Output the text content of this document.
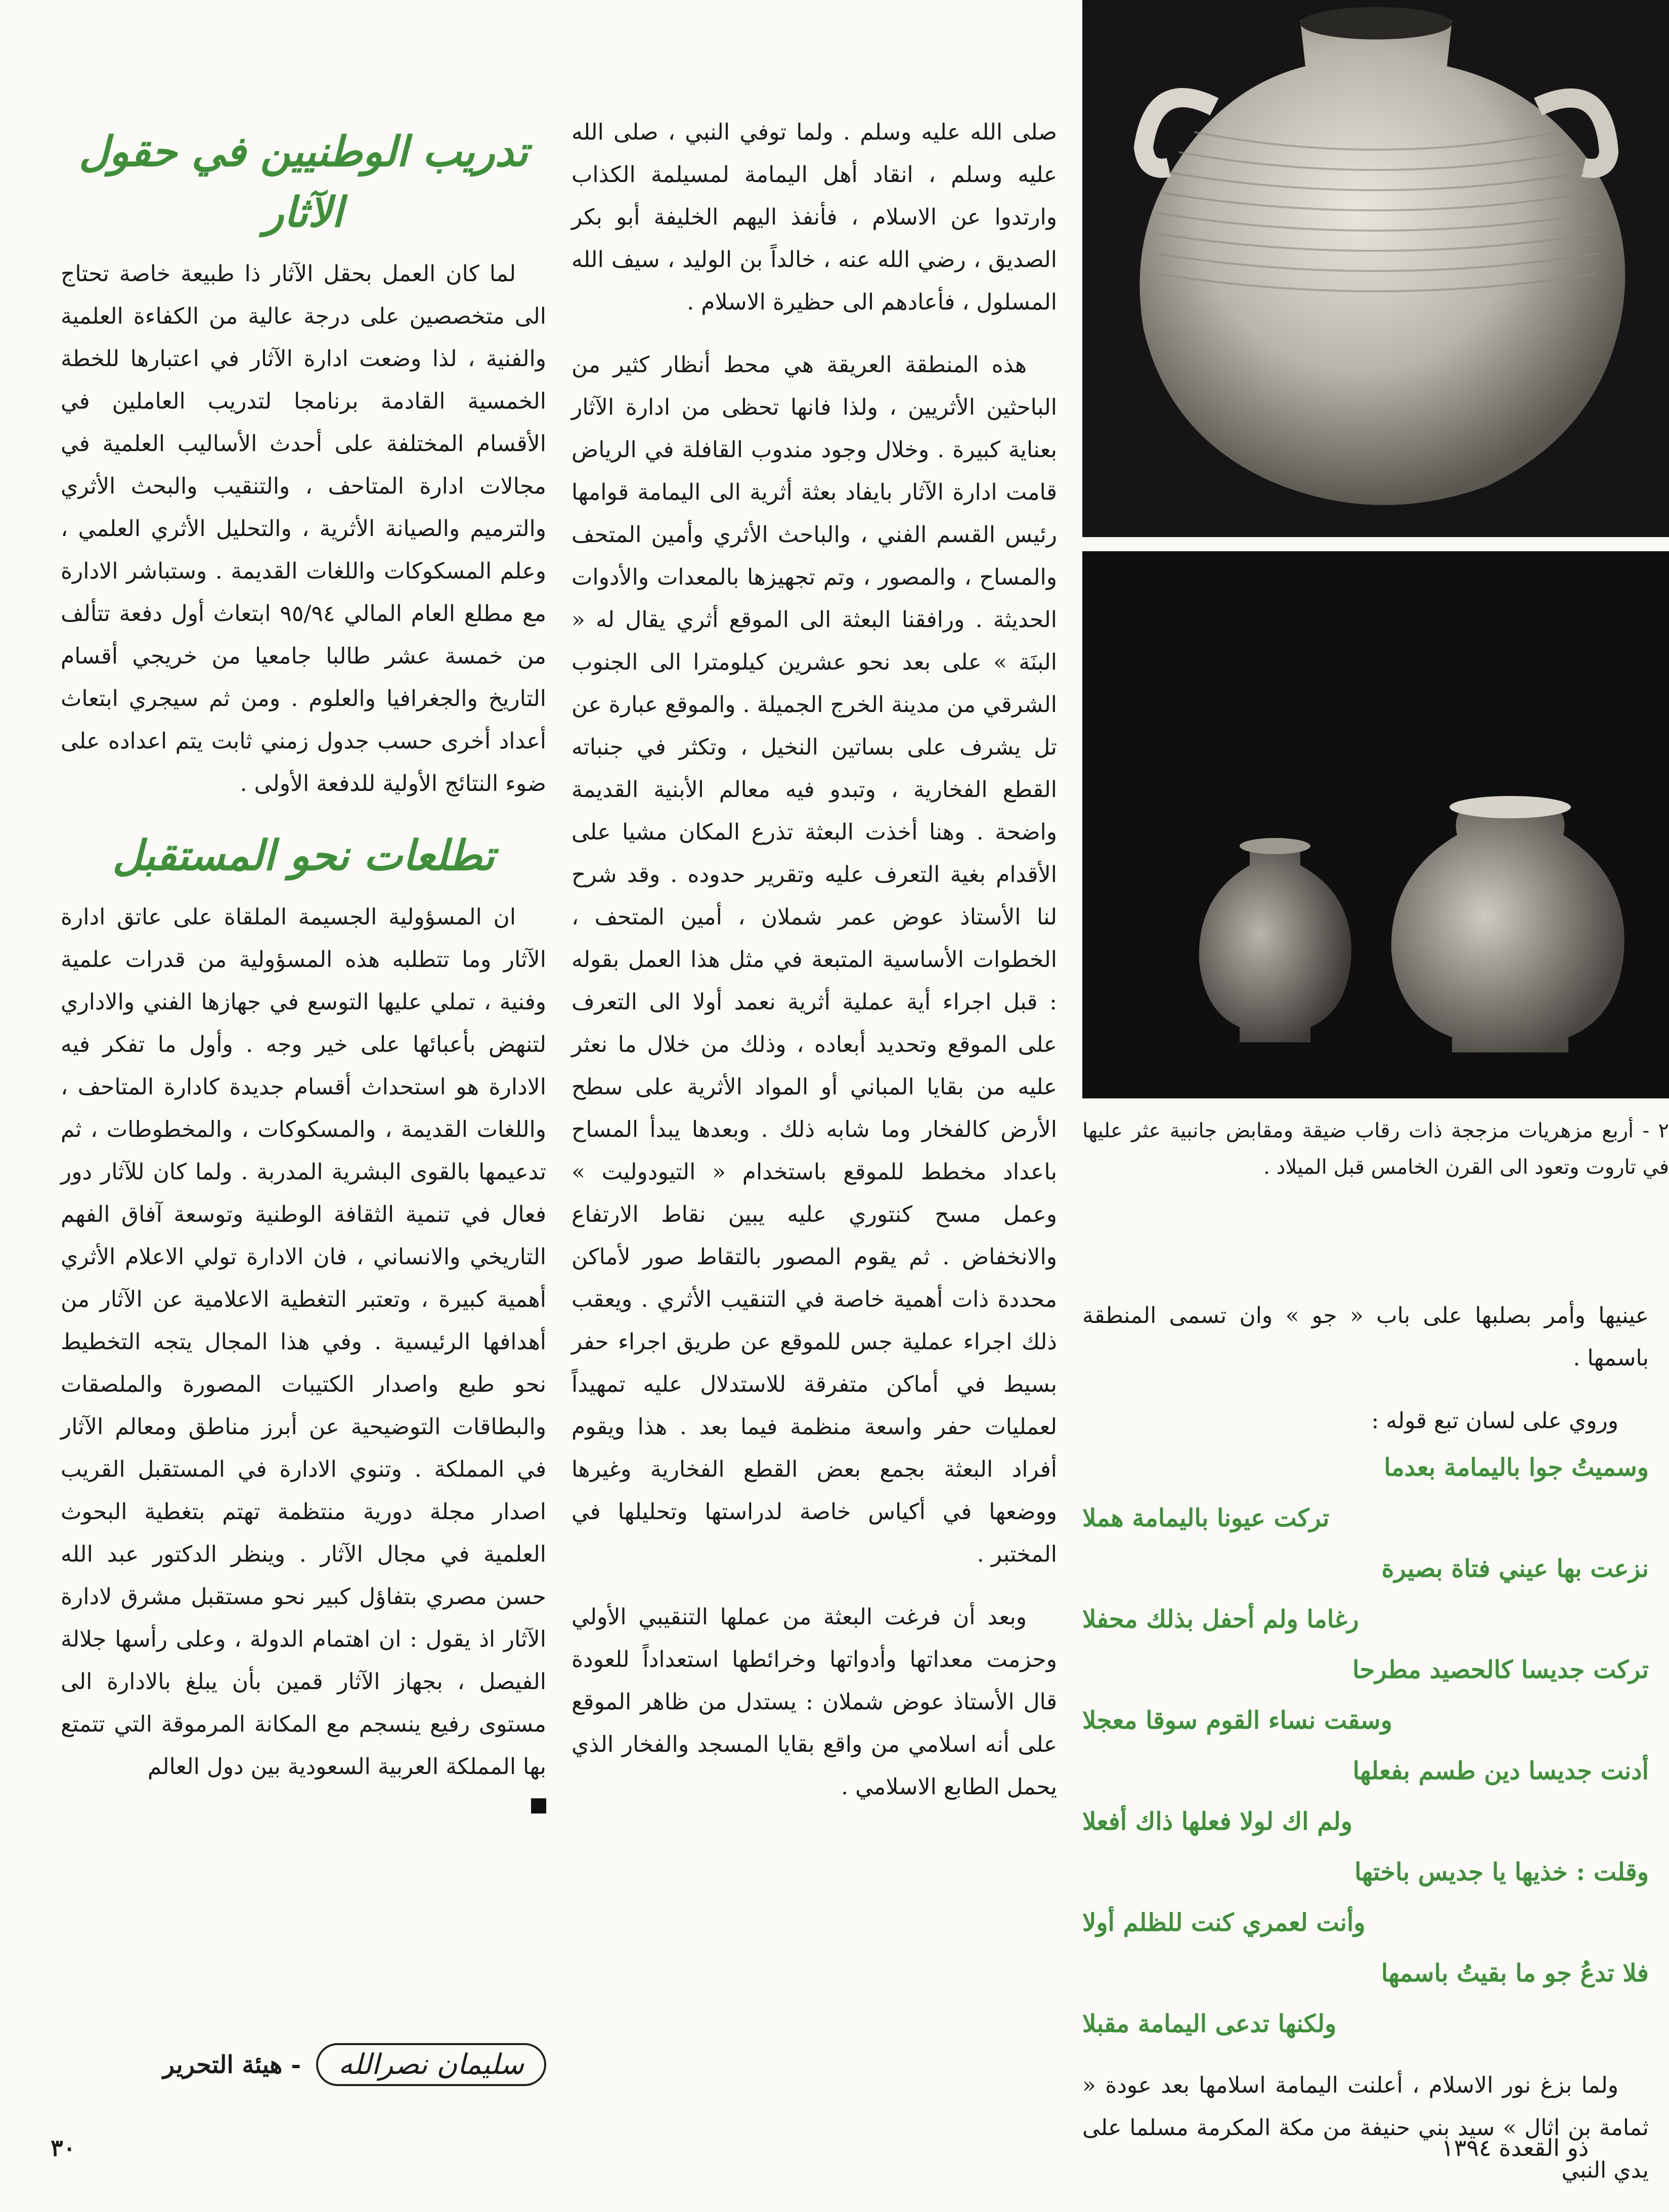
٢ - أربع مزهريات مزججة ذات رقاب ضيقة ومقابض جانبية عثر عليها في تاروت وتعود الى القرن الخامس قبل الميلاد .

عينيها وأمر بصلبها على باب « جو » وان تسمى المنطقة باسمها .

وروي على لسان تبع قوله :

وسميتُ جوا باليمامة بعدما
تركت عيونا باليمامة هملا
نزعت بها عيني فتاة بصيرة
رغاما ولم أحفل بذلك محفلا
تركت جديسا كالحصيد مطرحا
وسقت نساء القوم سوقا معجلا
أدنت جديسا دين طسم بفعلها
ولم اك لولا فعلها ذاك أفعلا
وقلت : خذيها يا جديس باختها
وأنت لعمري كنت للظلم أولا
فلا تدعُ جو ما بقيتُ باسمها
ولكنها تدعى اليمامة مقبلا

ولما بزغ نور الاسلام ، أعلنت اليمامة اسلامها بعد عودة « ثمامة بن اثال » سيد بني حنيفة من مكة المكرمة مسلما على يدي النبي

صلى الله عليه وسلم . ولما توفي النبي ، صلى الله عليه وسلم ، انقاد أهل اليمامة لمسيلمة الكذاب وارتدوا عن الاسلام ، فأنفذ اليهم الخليفة أبو بكر الصديق ، رضي الله عنه ، خالداً بن الوليد ، سيف الله المسلول ، فأعادهم الى حظيرة الاسلام .

هذه المنطقة العريقة هي محط أنظار كثير من الباحثين الأثريين ، ولذا فانها تحظى من ادارة الآثار بعناية كبيرة . وخلال وجود مندوب القافلة في الرياض قامت ادارة الآثار بايفاد بعثة أثرية الى اليمامة قوامها رئيس القسم الفني ، والباحث الأثري وأمين المتحف والمساح ، والمصور ، وتم تجهيزها بالمعدات والأدوات الحديثة . ورافقنا البعثة الى الموقع أثري يقال له « البنَة » على بعد نحو عشرين كيلومترا الى الجنوب الشرقي من مدينة الخرج الجميلة . والموقع عبارة عن تل يشرف على بساتين النخيل ، وتكثر في جنباته القطع الفخارية ، وتبدو فيه معالم الأبنية القديمة واضحة . وهنا أخذت البعثة تذرع المكان مشيا على الأقدام بغية التعرف عليه وتقرير حدوده . وقد شرح لنا الأستاذ عوض عمر شملان ، أمين المتحف ، الخطوات الأساسية المتبعة في مثل هذا العمل بقوله : قبل اجراء أية عملية أثرية نعمد أولا الى التعرف على الموقع وتحديد أبعاده ، وذلك من خلال ما نعثر عليه من بقايا المباني أو المواد الأثرية على سطح الأرض كالفخار وما شابه ذلك . وبعدها يبدأ المساح باعداد مخطط للموقع باستخدام « التيودوليت » وعمل مسح كنتوري عليه يبين نقاط الارتفاع والانخفاض . ثم يقوم المصور بالتقاط صور لأماكن محددة ذات أهمية خاصة في التنقيب الأثري . ويعقب ذلك اجراء عملية جس للموقع عن طريق اجراء حفر بسيط في أماكن متفرقة للاستدلال عليه تمهيداً لعمليات حفر واسعة منظمة فيما بعد . هذا ويقوم أفراد البعثة بجمع بعض القطع الفخارية وغيرها ووضعها في أكياس خاصة لدراستها وتحليلها في المختبر .

وبعد أن فرغت البعثة من عملها التنقيبي الأولي وحزمت معداتها وأدواتها وخرائطها استعداداً للعودة قال الأستاذ عوض شملان : يستدل من ظاهر الموقع على أنه اسلامي من واقع بقايا المسجد والفخار الذي يحمل الطابع الاسلامي .

تدريب الوطنيين في حقول الآثار

لما كان العمل بحقل الآثار ذا طبيعة خاصة تحتاج الى متخصصين على درجة عالية من الكفاءة العلمية والفنية ، لذا وضعت ادارة الآثار في اعتبارها للخطة الخمسية القادمة برنامجا لتدريب العاملين في الأقسام المختلفة على أحدث الأساليب العلمية في مجالات ادارة المتاحف ، والتنقيب والبحث الأثري والترميم والصيانة الأثرية ، والتحليل الأثري العلمي ، وعلم المسكوكات واللغات القديمة . وستباشر الادارة مع مطلع العام المالي ٩٥/٩٤ ابتعاث أول دفعة تتألف من خمسة عشر طالبا جامعيا من خريجي أقسام التاريخ والجغرافيا والعلوم . ومن ثم سيجري ابتعاث أعداد أخرى حسب جدول زمني ثابت يتم اعداده على ضوء النتائج الأولية للدفعة الأولى .

تطلعات نحو المستقبل

ان المسؤولية الجسيمة الملقاة على عاتق ادارة الآثار وما تتطلبه هذه المسؤولية من قدرات علمية وفنية ، تملي عليها التوسع في جهازها الفني والاداري لتنهض بأعبائها على خير وجه . وأول ما تفكر فيه الادارة هو استحداث أقسام جديدة كادارة المتاحف ، واللغات القديمة ، والمسكوكات ، والمخطوطات ، ثم تدعيمها بالقوى البشرية المدربة . ولما كان للآثار دور فعال في تنمية الثقافة الوطنية وتوسعة آفاق الفهم التاريخي والانساني ، فان الادارة تولي الاعلام الأثري أهمية كبيرة ، وتعتبر التغطية الاعلامية عن الآثار من أهدافها الرئيسية . وفي هذا المجال يتجه التخطيط نحو طبع واصدار الكتيبات المصورة والملصقات والبطاقات التوضيحية عن أبرز مناطق ومعالم الآثار في المملكة . وتنوي الادارة في المستقبل القريب اصدار مجلة دورية منتظمة تهتم بتغطية البحوث العلمية في مجال الآثار . وينظر الدكتور عبد الله حسن مصري بتفاؤل كبير نحو مستقبل مشرق لادارة الآثار اذ يقول : ان اهتمام الدولة ، وعلى رأسها جلالة الفيصل ، بجهاز الآثار قمين بأن يبلغ بالادارة الى مستوى رفيع ينسجم مع المكانة المرموقة التي تتمتع بها المملكة العربية السعودية بين دول العالم

- هيئة التحرير	سليمان نصرالله
٣٠	ذو القعدة ١٣٩٤
